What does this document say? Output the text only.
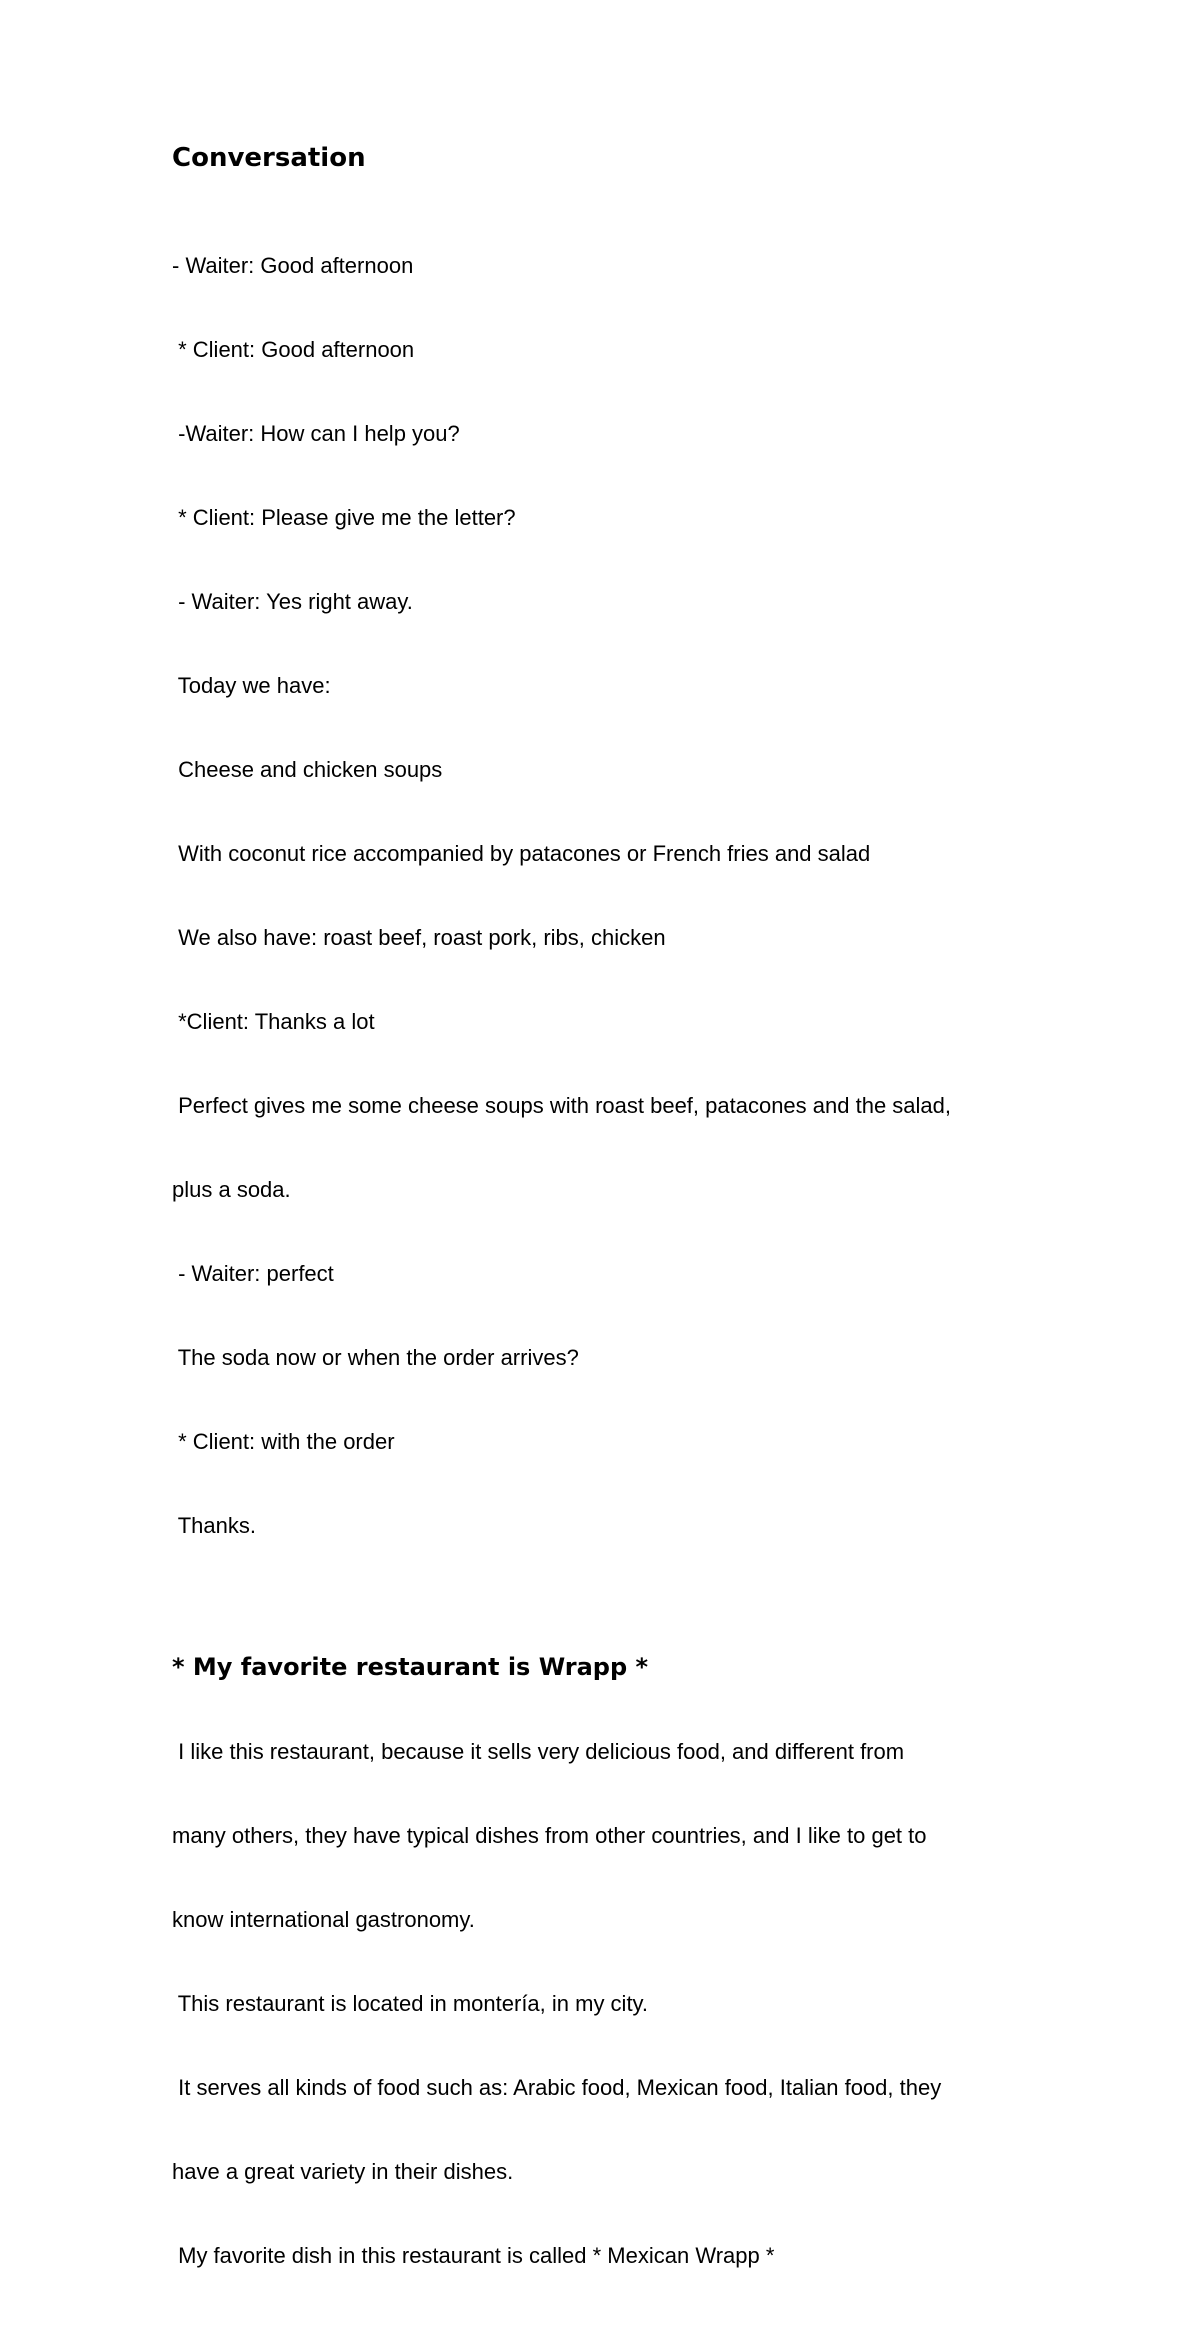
Conversation

- Waiter: Good afternoon

* Client: Good afternoon

-Waiter: How can I help you?

* Client: Please give me the letter?

- Waiter: Yes right away.

Today we have:

Cheese and chicken soups

With coconut rice accompanied by patacones or French fries and salad

We also have: roast beef, roast pork, ribs, chicken

*Client: Thanks a lot

Perfect gives me some cheese soups with roast beef, patacones and the salad,

plus a soda.

- Waiter: perfect

The soda now or when the order arrives?

* Client: with the order

Thanks.

* My favorite restaurant is Wrapp *

I like this restaurant, because it sells very delicious food, and different from

many others, they have typical dishes from other countries, and I like to get to

know international gastronomy.

This restaurant is located in montería, in my city.

It serves all kinds of food such as: Arabic food, Mexican food, Italian food, they

have a great variety in their dishes.

My favorite dish in this restaurant is called * Mexican Wrapp *
